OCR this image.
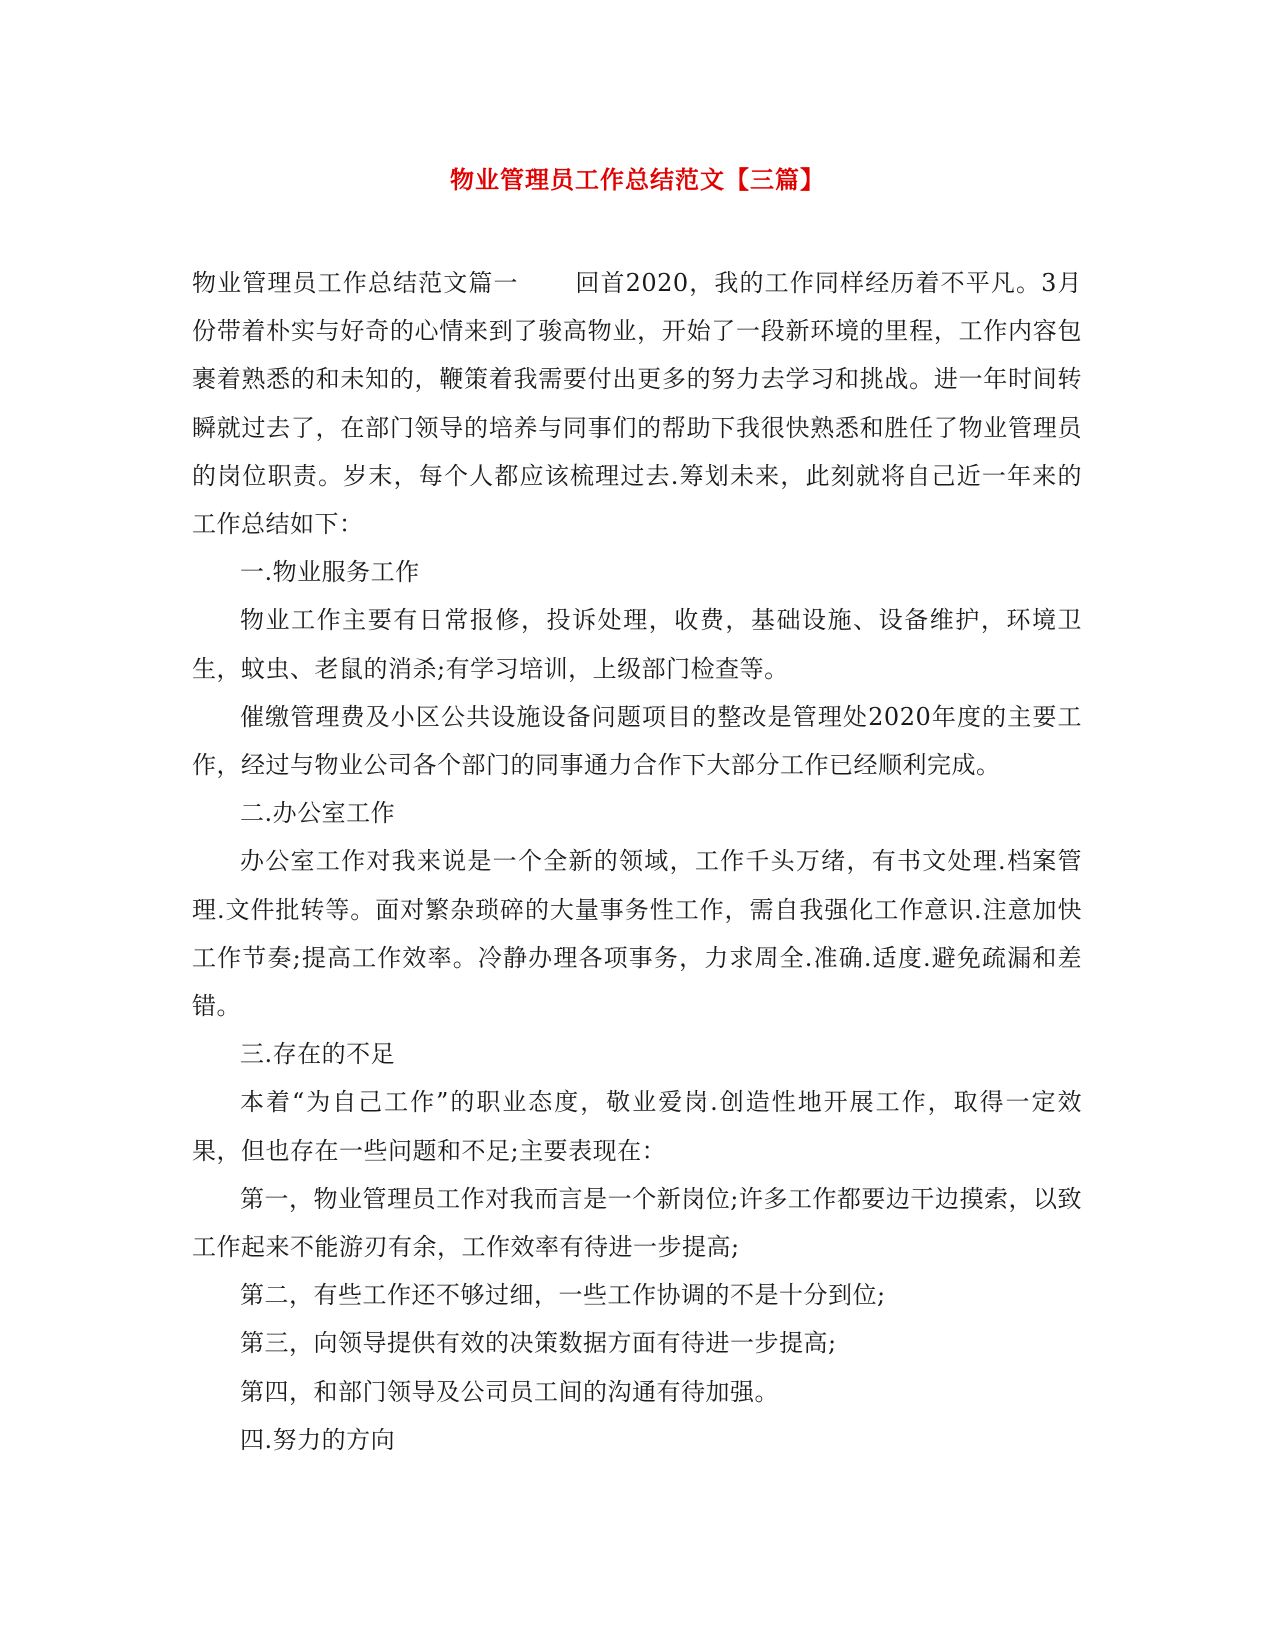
物业管理员工作总结范文【三篇】

物业管理员工作总结范文篇一 回首2020，我的工作同样经历着不平凡。3月份带着朴实与好奇的心情来到了骏高物业，开始了一段新环境的里程，工作内容包裹着熟悉的和未知的，鞭策着我需要付出更多的努力去学习和挑战。进一年时间转瞬就过去了，在部门领导的培养与同事们的帮助下我很快熟悉和胜任了物业管理员的岗位职责。岁末，每个人都应该梳理过去.筹划未来，此刻就将自己近一年来的工作总结如下：

一.物业服务工作

物业工作主要有日常报修，投诉处理，收费，基础设施、设备维护，环境卫生，蚊虫、老鼠的消杀;有学习培训，上级部门检查等。

催缴管理费及小区公共设施设备问题项目的整改是管理处2020年度的主要工作，经过与物业公司各个部门的同事通力合作下大部分工作已经顺利完成。

二.办公室工作

办公室工作对我来说是一个全新的领域，工作千头万绪，有书文处理.档案管理.文件批转等。面对繁杂琐碎的大量事务性工作，需自我强化工作意识.注意加快工作节奏;提高工作效率。冷静办理各项事务，力求周全.准确.适度.避免疏漏和差错。

三.存在的不足

本着“为自己工作”的职业态度，敬业爱岗.创造性地开展工作，取得一定效果，但也存在一些问题和不足;主要表现在：

第一，物业管理员工作对我而言是一个新岗位;许多工作都要边干边摸索，以致工作起来不能游刃有余，工作效率有待进一步提高;

第二，有些工作还不够过细，一些工作协调的不是十分到位;

第三，向领导提供有效的决策数据方面有待进一步提高;

第四，和部门领导及公司员工间的沟通有待加强。

四.努力的方向
